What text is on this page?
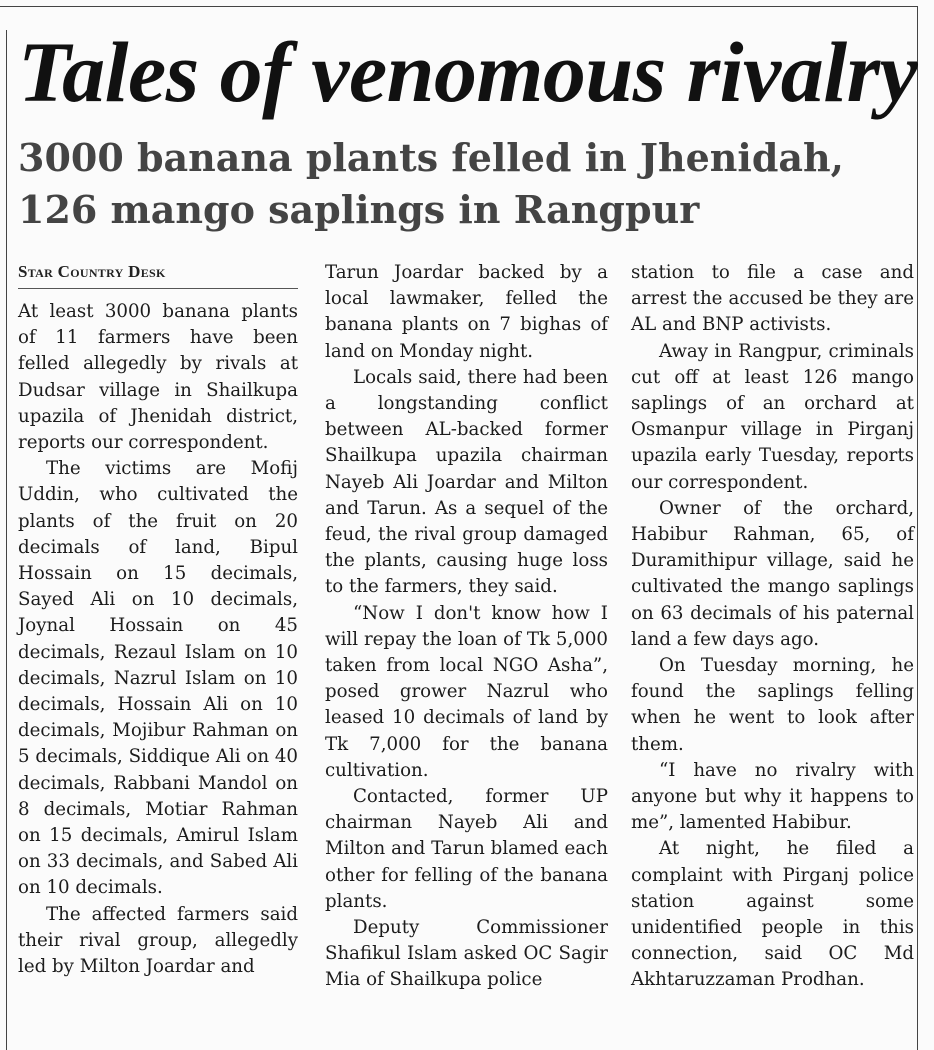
Tales of venomous rivalry
3000 banana plants felled in Jhenidah, 126 mango saplings in Rangpur
Star Country Desk

At least 3000 banana plants of 11 farmers have been felled allegedly by rivals at Dudsar village in Shailkupa upazila of Jhenidah district, reports our correspondent.

The victims are Mofij Uddin, who cultivated the plants of the fruit on 20 decimals of land, Bipul Hossain on 15 decimals, Sayed Ali on 10 decimals, Joynal Hossain on 45 decimals, Rezaul Islam on 10 decimals, Nazrul Islam on 10 decimals, Hossain Ali on 10 decimals, Mojibur Rahman on 5 decimals, Siddique Ali on 40 decimals, Rabbani Mandol on 8 decimals, Motiar Rahman on 15 decimals, Amirul Islam on 33 decimals, and Sabed Ali on 10 decimals.

The affected farmers said their rival group, allegedly led by Milton Joardar and

Tarun Joardar backed by a local lawmaker, felled the banana plants on 7 bighas of land on Monday night.

Locals said, there had been a longstanding conflict between AL-backed former Shailkupa upazila chairman Nayeb Ali Joardar and Milton and Tarun. As a sequel of the feud, the rival group damaged the plants, causing huge loss to the farmers, they said.

“Now I don't know how I will repay the loan of Tk 5,000 taken from local NGO Asha”, posed grower Nazrul who leased 10 decimals of land by Tk 7,000 for the banana cultivation.

Contacted, former UP chairman Nayeb Ali and Milton and Tarun blamed each other for felling of the banana plants.

Deputy Commissioner Shafikul Islam asked OC Sagir Mia of Shailkupa police

station to file a case and arrest the accused be they are AL and BNP activists.

Away in Rangpur, criminals cut off at least 126 mango saplings of an orchard at Osmanpur village in Pirganj upazila early Tuesday, reports our correspondent.

Owner of the orchard, Habibur Rahman, 65, of Duramithipur village, said he cultivated the mango saplings on 63 decimals of his paternal land a few days ago.

On Tuesday morning, he found the saplings felling when he went to look after them.

“I have no rivalry with anyone but why it happens to me”, lamented Habibur.

At night, he filed a complaint with Pirganj police station against some unidentified people in this connection, said OC Md Akhtaruzzaman Prodhan.
